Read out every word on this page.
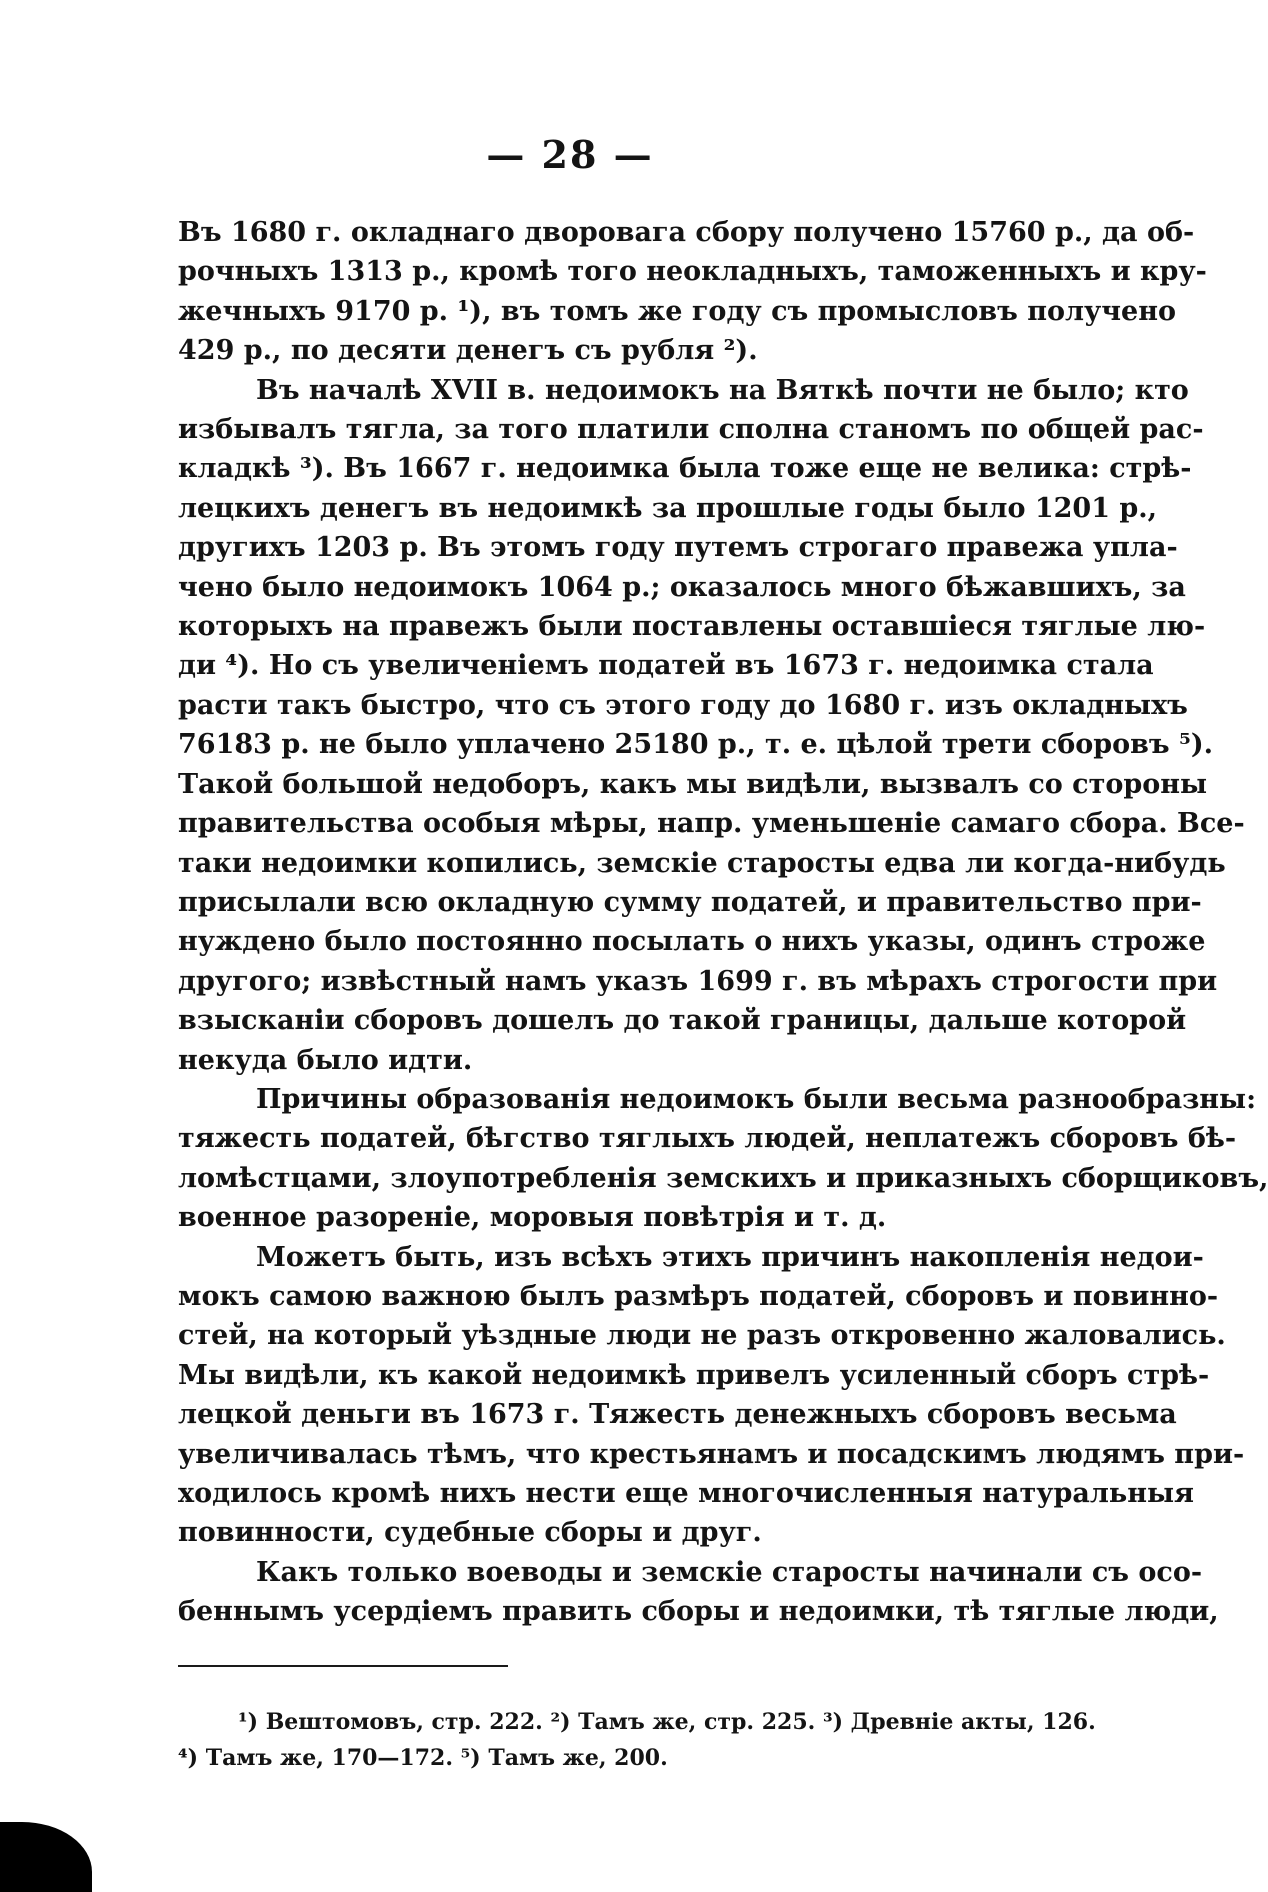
— 28 —
Въ 1680 г. окладнаго дворовага сбору получено 15760 р., да об-
рочныхъ 1313 р., кромѣ того неокладныхъ, таможенныхъ и кру-
жечныхъ 9170 р. ¹), въ томъ же году съ промысловъ получено
429 р., по десяти денегъ съ рубля ²).
Въ началѣ XVII в. недоимокъ на Вяткѣ почти не было; кто
избывалъ тягла, за того платили сполна станомъ по общей рас-
кладкѣ ³). Въ 1667 г. недоимка была тоже еще не велика: стрѣ-
лецкихъ денегъ въ недоимкѣ за прошлые годы было 1201 р.,
другихъ 1203 р. Въ этомъ году путемъ строгаго правежа упла-
чено было недоимокъ 1064 р.; оказалось много бѣжавшихъ, за
которыхъ на правежъ были поставлены оставшіеся тяглые лю-
ди ⁴). Но съ увеличеніемъ податей въ 1673 г. недоимка стала
расти такъ быстро, что съ этого году до 1680 г. изъ окладныхъ
76183 р. не было уплачено 25180 р., т. е. цѣлой трети сборовъ ⁵).
Такой большой недоборъ, какъ мы видѣли, вызвалъ со стороны
правительства особыя мѣры, напр. уменьшеніе самаго сбора. Все-
таки недоимки копились, земскіе старосты едва ли когда-нибудь
присылали всю окладную сумму податей, и правительство при-
нуждено было постоянно посылать о нихъ указы, одинъ строже
другого; извѣстный намъ указъ 1699 г. въ мѣрахъ строгости при
взысканіи сборовъ дошелъ до такой границы, дальше которой
некуда было идти.
Причины образованія недоимокъ были весьма разнообразны:
тяжесть податей, бѣгство тяглыхъ людей, неплатежъ сборовъ бѣ-
ломѣстцами, злоупотребленія земскихъ и приказныхъ сборщиковъ,
военное разореніе, моровыя повѣтрія и т. д.
Можетъ быть, изъ всѣхъ этихъ причинъ накопленія недои-
мокъ самою важною былъ размѣръ податей, сборовъ и повинно-
стей, на который уѣздные люди не разъ откровенно жаловались.
Мы видѣли, къ какой недоимкѣ привелъ усиленный сборъ стрѣ-
лецкой деньги въ 1673 г. Тяжесть денежныхъ сборовъ весьма
увеличивалась тѣмъ, что крестьянамъ и посадскимъ людямъ при-
ходилось кромѣ нихъ нести еще многочисленныя натуральныя
повинности, судебные сборы и друг.
Какъ только воеводы и земскіе старосты начинали съ осо-
беннымъ усердіемъ править сборы и недоимки, тѣ тяглые люди,
¹) Вештомовъ, стр. 222. ²) Тамъ же, стр. 225. ³) Древніе акты, 126.
⁴) Тамъ же, 170—172. ⁵) Тамъ же, 200.
